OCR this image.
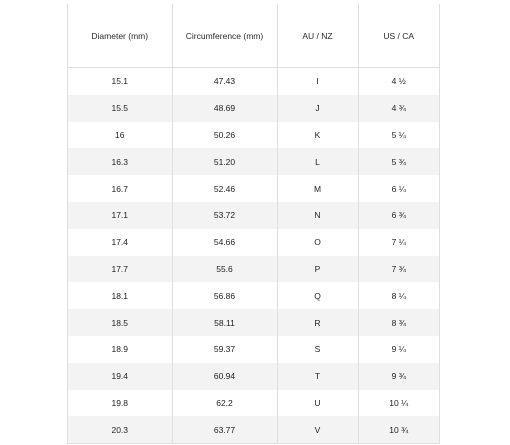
Diameter (mm)	Circumference (mm)	AU / NZ	US / CA
15.1	47.43	I	4 ½
15.5	48.69	J	4 ¾
16	50.26	K	5 ¼
16.3	51.20	L	5 ¾
16.7	52.46	M	6 ¼
17.1	53.72	N	6 ¾
17.4	54.66	O	7 ¼
17.7	55.6	P	7 ¾
18.1	56.86	Q	8 ¼
18.5	58.11	R	8 ¾
18.9	59.37	S	9 ¼
19.4	60.94	T	9 ¾
19.8	62.2	U	10 ¼
20.3	63.77	V	10 ¾
